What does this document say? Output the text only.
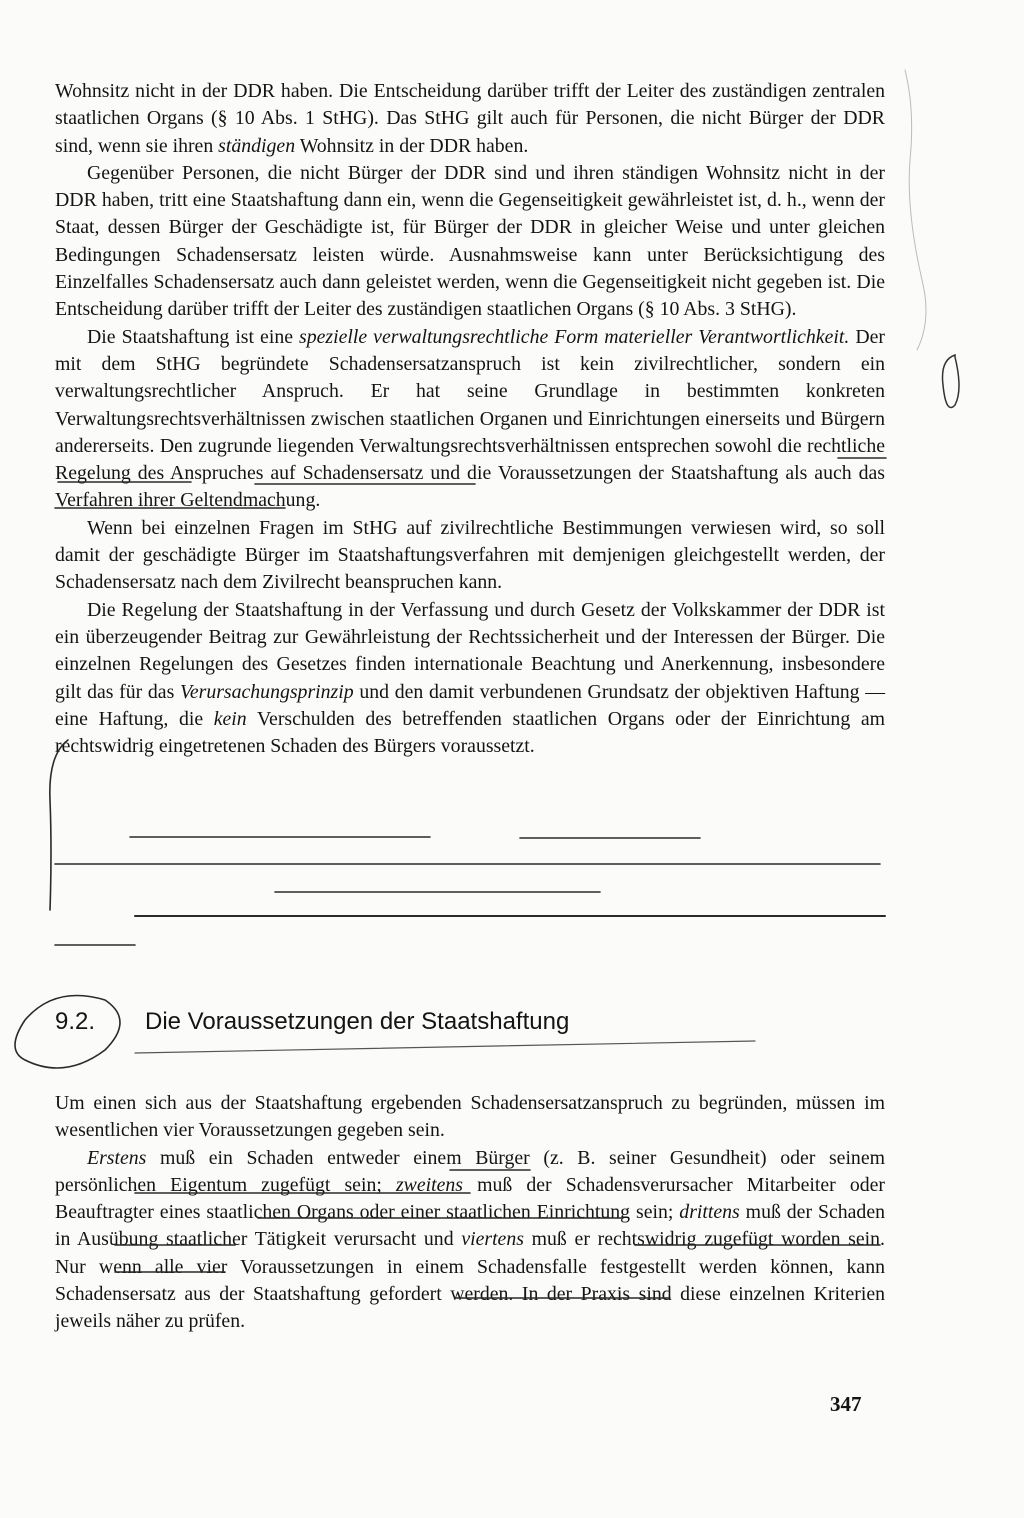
Wohnsitz nicht in der DDR haben. Die Entscheidung darüber trifft der Leiter des zuständigen zentralen staatlichen Organs (§ 10 Abs. 1 StHG). Das StHG gilt auch für Personen, die nicht Bürger der DDR sind, wenn sie ihren ständigen Wohnsitz in der DDR haben.

Gegenüber Personen, die nicht Bürger der DDR sind und ihren ständigen Wohnsitz nicht in der DDR haben, tritt eine Staatshaftung dann ein, wenn die Gegenseitigkeit gewährleistet ist, d. h., wenn der Staat, dessen Bürger der Geschädigte ist, für Bürger der DDR in gleicher Weise und unter gleichen Bedingungen Schadensersatz leisten würde. Ausnahmsweise kann unter Berücksichtigung des Einzelfalles Schadensersatz auch dann geleistet werden, wenn die Gegenseitigkeit nicht gegeben ist. Die Entscheidung darüber trifft der Leiter des zuständigen staatlichen Organs (§ 10 Abs. 3 StHG).

Die Staatshaftung ist eine spezielle verwaltungsrechtliche Form materieller Verantwortlichkeit. Der mit dem StHG begründete Schadensersatzanspruch ist kein zivilrechtlicher, sondern ein verwaltungsrechtlicher Anspruch. Er hat seine Grundlage in bestimmten konkreten Verwaltungsrechtsverhältnissen zwischen staatlichen Organen und Einrichtungen einerseits und Bürgern andererseits. Den zugrunde liegenden Verwaltungsrechtsverhältnissen entsprechen sowohl die rechtliche Regelung des Anspruches auf Schadensersatz und die Voraussetzungen der Staatshaftung als auch das Verfahren ihrer Geltendmachung.

Wenn bei einzelnen Fragen im StHG auf zivilrechtliche Bestimmungen verwiesen wird, so soll damit der geschädigte Bürger im Staatshaftungsverfahren mit demjenigen gleichgestellt werden, der Schadensersatz nach dem Zivilrecht beanspruchen kann.

Die Regelung der Staatshaftung in der Verfassung und durch Gesetz der Volkskammer der DDR ist ein überzeugender Beitrag zur Gewährleistung der Rechtssicherheit und der Interessen der Bürger. Die einzelnen Regelungen des Gesetzes finden internationale Beachtung und Anerkennung, insbesondere gilt das für das Verursachungsprinzip und den damit verbundenen Grundsatz der objektiven Haftung — eine Haftung, die kein Verschulden des betreffenden staatlichen Organs oder der Einrichtung am rechtswidrig eingetretenen Schaden des Bürgers voraussetzt.

9.2. Die Voraussetzungen der Staatshaftung

Um einen sich aus der Staatshaftung ergebenden Schadensersatzanspruch zu begründen, müssen im wesentlichen vier Voraussetzungen gegeben sein.

Erstens muß ein Schaden entweder einem Bürger (z. B. seiner Gesundheit) oder seinem persönlichen Eigentum zugefügt sein; zweitens muß der Schadensverursacher Mitarbeiter oder Beauftragter eines staatlichen Organs oder einer staatlichen Einrichtung sein; drittens muß der Schaden in Ausübung staatlicher Tätigkeit verursacht und viertens muß er rechtswidrig zugefügt worden sein. Nur wenn alle vier Voraussetzungen in einem Schadensfalle festgestellt werden können, kann Schadensersatz aus der Staatshaftung gefordert werden. In der Praxis sind diese einzelnen Kriterien jeweils näher zu prüfen.

347
